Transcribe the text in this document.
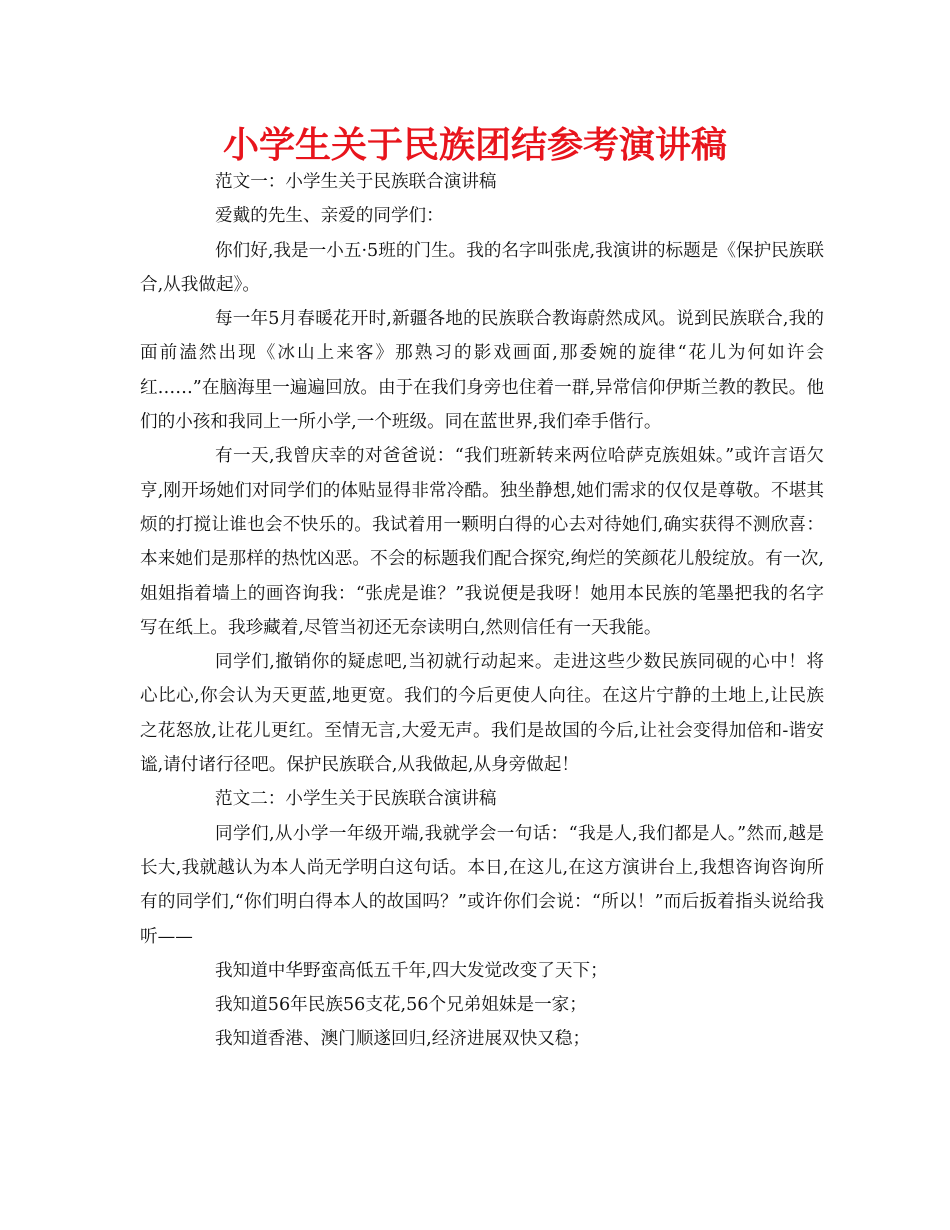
小学生关于民族团结参考演讲稿

范文一：小学生关于民族联合演讲稿

爱戴的先生、亲爱的同学们：

你们好,我是一小五·5班的门生。我的名字叫张虎,我演讲的标题是《保护民族联合,从我做起》。

每一年5月春暖花开时,新疆各地的民族联合教诲蔚然成风。说到民族联合,我的面前溘然出现《冰山上来客》那熟习的影戏画面,那委婉的旋律“花儿为何如许会红……”在脑海里一遍遍回放。由于在我们身旁也住着一群,异常信仰伊斯兰教的教民。他们的小孩和我同上一所小学,一个班级。同在蓝世界,我们牵手偕行。

有一天,我曾庆幸的对爸爸说：“我们班新转来两位哈萨克族姐妹。”或许言语欠亨,刚开场她们对同学们的体贴显得非常冷酷。独坐静想,她们需求的仅仅是尊敬。不堪其烦的打搅让谁也会不快乐的。我试着用一颗明白得的心去对待她们,确实获得不测欣喜：本来她们是那样的热忱凶恶。不会的标题我们配合探究,绚烂的笑颜花儿般绽放。有一次,姐姐指着墙上的画咨询我：“张虎是谁？”我说便是我呀！她用本民族的笔墨把我的名字写在纸上。我珍藏着,尽管当初还无奈读明白,然则信任有一天我能。

同学们,撤销你的疑虑吧,当初就行动起来。走进这些少数民族同砚的心中！将心比心,你会认为天更蓝,地更宽。我们的今后更使人向往。在这片宁静的土地上,让民族之花怒放,让花儿更红。至情无言,大爱无声。我们是故国的今后,让社会变得加倍和-谐安谧,请付诸行径吧。保护民族联合,从我做起,从身旁做起！

范文二：小学生关于民族联合演讲稿

同学们,从小学一年级开端,我就学会一句话：“我是人,我们都是人。”然而,越是长大,我就越认为本人尚无学明白这句话。本日,在这儿,在这方演讲台上,我想咨询咨询所有的同学们,“你们明白得本人的故国吗？”或许你们会说：“所以！”而后扳着指头说给我听——

我知道中华野蛮高低五千年,四大发觉改变了天下；

我知道56年民族56支花,56个兄弟姐妹是一家；

我知道香港、澳门顺遂回归,经济进展双快又稳；
